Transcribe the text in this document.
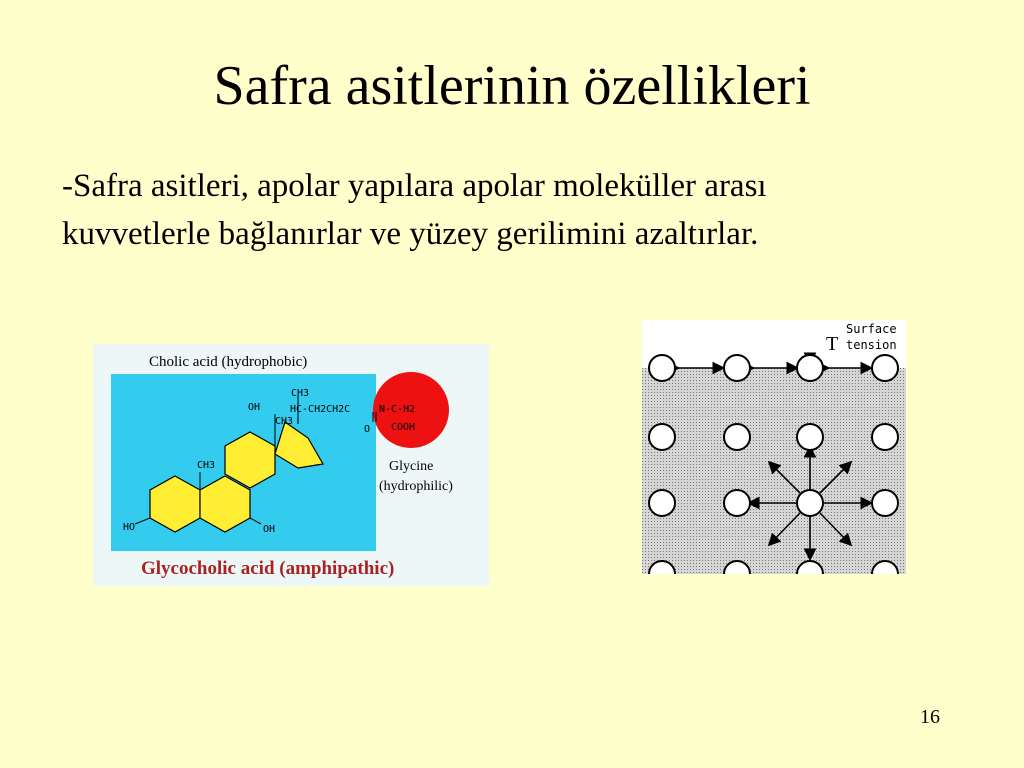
Safra asitlerinin özellikleri
-Safra asitleri, apolar yapılara apolar moleküller arası
kuvvetlerle bağlanırlar ve yüzey gerilimini azaltırlar.
CH3
HC-CH2CH2C	N-C-H2
OH
CH3
O COOH
CH3
HO	OH
Cholic acid (hydrophobic)
Glycine
(hydrophilic)
Glycocholic acid (amphipathic)
T
Surface
tension
16
